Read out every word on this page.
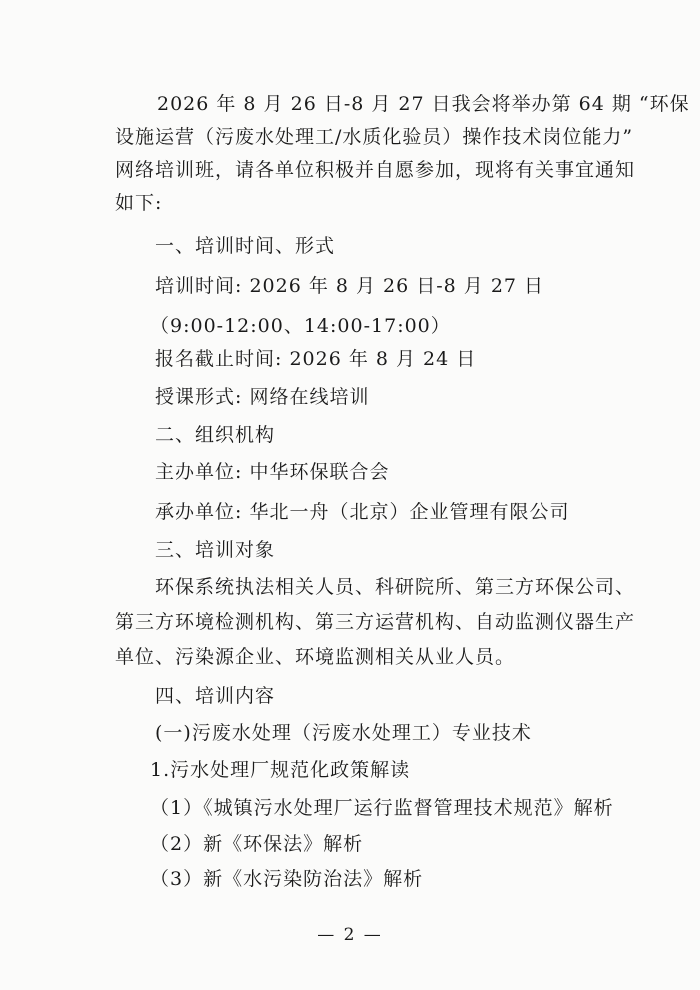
2026 年 8 月 26 日-8 月 27 日我会将举办第 64 期 “环保
设施运营（污废水处理工/水质化验员）操作技术岗位能力”
网络培训班，请各单位积极并自愿参加，现将有关事宜通知
如下:
一、培训时间、形式
培训时间: 2026 年 8 月 26 日-8 月 27 日
（9:00-12:00、14:00-17:00）
报名截止时间: 2026 年 8 月 24 日
授课形式: 网络在线培训
二、组织机构
主办单位: 中华环保联合会
承办单位: 华北一舟（北京）企业管理有限公司
三、培训对象
环保系统执法相关人员、科研院所、第三方环保公司、
第三方环境检测机构、第三方运营机构、自动监测仪器生产
单位、污染源企业、环境监测相关从业人员。
四、培训内容
(一)污废水处理（污废水处理工）专业技术
1.污水处理厂规范化政策解读
（1）《城镇污水处理厂运行监督管理技术规范》解析
（2）新《环保法》解析
（3）新《水污染防治法》解析
— 2 —
